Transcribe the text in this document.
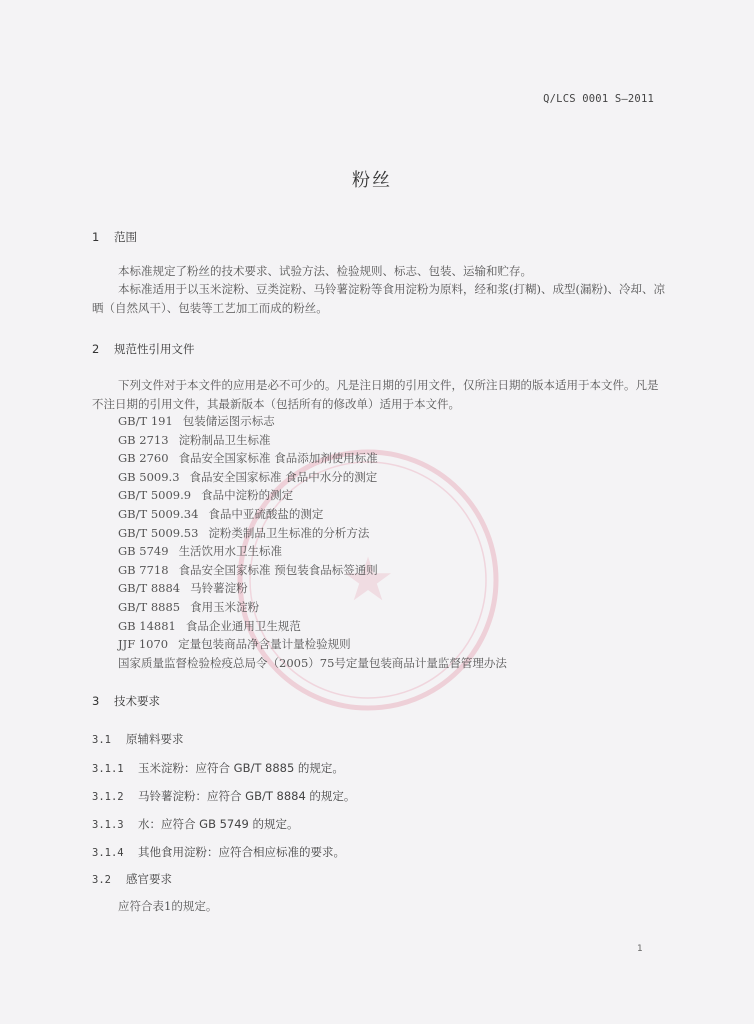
★
Q/LCS 0001 S—2011
粉丝
1 范围
本标准规定了粉丝的技术要求、试验方法、检验规则、标志、包装、运输和贮存。
本标准适用于以玉米淀粉、豆类淀粉、马铃薯淀粉等食用淀粉为原料，经和浆(打糊)、成型(漏粉)、冷却、凉晒（自然风干）、包装等工艺加工而成的粉丝。
2 规范性引用文件
下列文件对于本文件的应用是必不可少的。凡是注日期的引用文件，仅所注日期的版本适用于本文件。凡是不注日期的引用文件，其最新版本（包括所有的修改单）适用于本文件。
GB/T 191 包装储运图示标志
GB 2713 淀粉制品卫生标准
GB 2760 食品安全国家标准 食品添加剂使用标准
GB 5009.3 食品安全国家标准 食品中水分的测定
GB/T 5009.9 食品中淀粉的测定
GB/T 5009.34 食品中亚硫酸盐的测定
GB/T 5009.53 淀粉类制品卫生标准的分析方法
GB 5749 生活饮用水卫生标准
GB 7718 食品安全国家标准 预包装食品标签通则
GB/T 8884 马铃薯淀粉
GB/T 8885 食用玉米淀粉
GB 14881 食品企业通用卫生规范
JJF 1070 定量包装商品净含量计量检验规则
国家质量监督检验检疫总局令（2005）75号定量包装商品计量监督管理办法
3 技术要求
3.1 原辅料要求
3.1.1 玉米淀粉：应符合 GB/T 8885 的规定。
3.1.2 马铃薯淀粉：应符合 GB/T 8884 的规定。
3.1.3 水：应符合 GB 5749 的规定。
3.1.4 其他食用淀粉：应符合相应标准的要求。
3.2 感官要求
应符合表1的规定。
1
